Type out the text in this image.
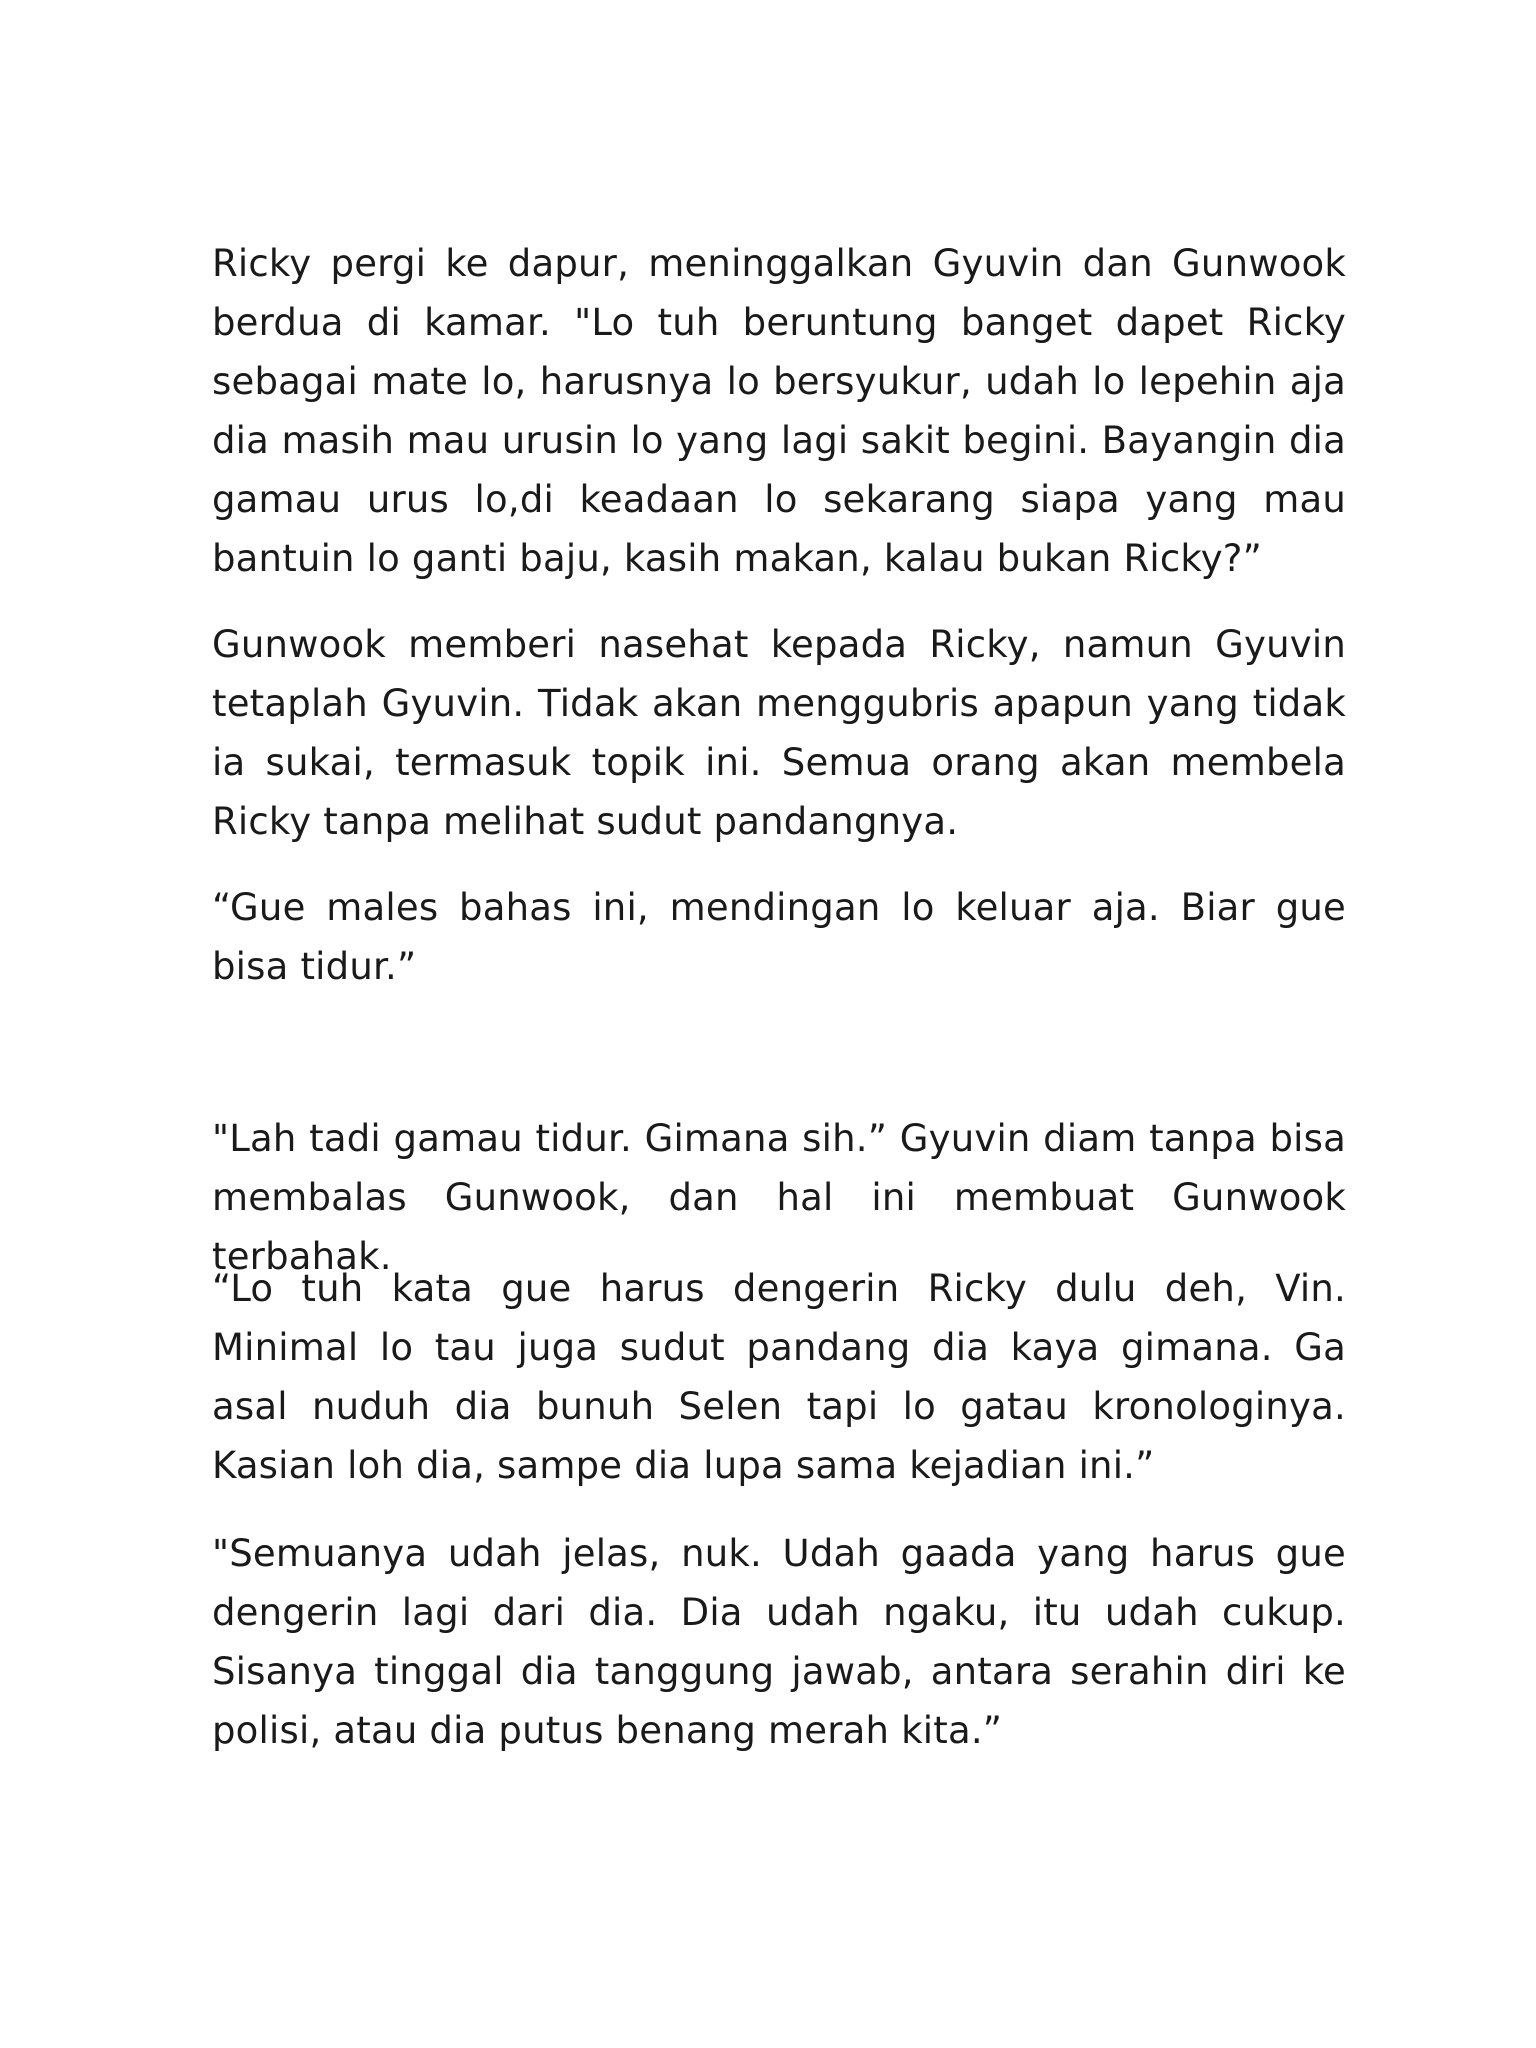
Ricky pergi ke dapur, meninggalkan Gyuvin dan Gunwook berdua di kamar. "Lo tuh beruntung banget dapet Ricky sebagai mate lo, harusnya lo bersyukur, udah lo lepehin aja dia masih mau urusin lo yang lagi sakit begini. Bayangin dia gamau urus lo,di keadaan lo sekarang siapa yang mau bantuin lo ganti baju, kasih makan, kalau bukan Ricky?”

Gunwook memberi nasehat kepada Ricky, namun Gyuvin tetaplah Gyuvin. Tidak akan menggubris apapun yang tidak ia sukai, termasuk topik ini. Semua orang akan membela Ricky tanpa melihat sudut pandangnya.

“Gue males bahas ini, mendingan lo keluar aja. Biar gue bisa tidur.”

"Lah tadi gamau tidur. Gimana sih.” Gyuvin diam tanpa bisa membalas Gunwook, dan hal ini membuat Gunwook terbahak.

“Lo tuh kata gue harus dengerin Ricky dulu deh, Vin. Minimal lo tau juga sudut pandang dia kaya gimana. Ga asal nuduh dia bunuh Selen tapi lo gatau kronologinya. Kasian loh dia, sampe dia lupa sama kejadian ini.”

"Semuanya udah jelas, nuk. Udah gaada yang harus gue dengerin lagi dari dia. Dia udah ngaku, itu udah cukup. Sisanya tinggal dia tanggung jawab, antara serahin diri ke polisi, atau dia putus benang merah kita.”
